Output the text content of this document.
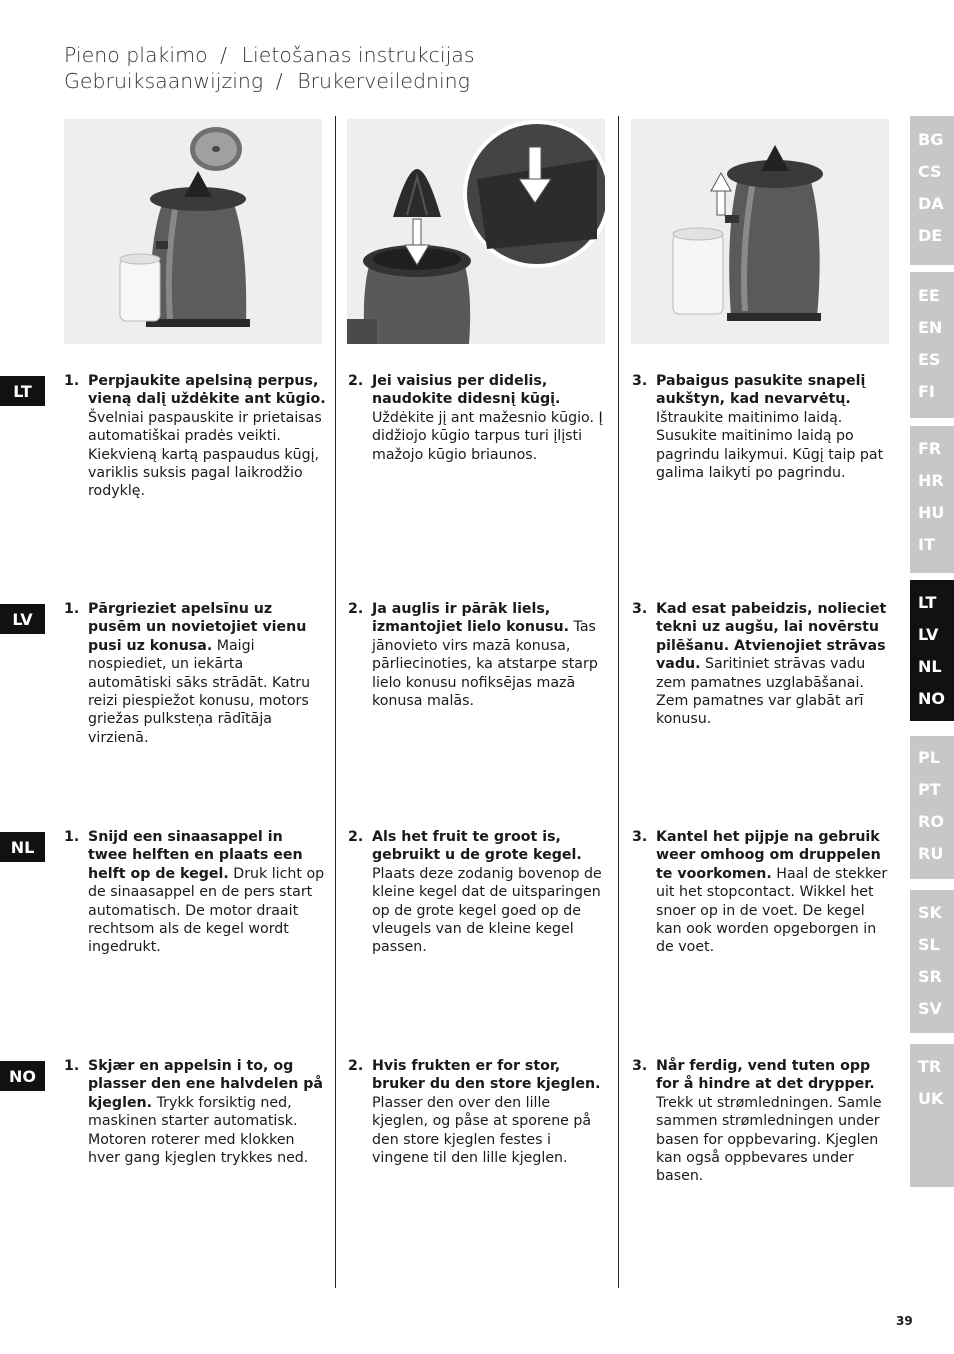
Pieno plakimo / Lietošanas instrukcijas
Gebruiksaanwijzing / Brukerveiledning
LT
1. Perpjaukite apelsiną perpus, vieną dalį uždėkite ant kūgio. Švelniai paspauskite ir prietaisas automatiškai pradės veikti. Kiekvieną kartą paspaudus kūgį, variklis suksis pagal laikrodžio rodyklę.
2. Jei vaisius per didelis, naudokite didesnį kūgį. Uždėkite jį ant mažesnio kūgio. Į didžiojo kūgio tarpus turi įlįsti mažojo kūgio briaunos.
3. Pabaigus pasukite snapelį aukštyn, kad nevarvėtų. Ištraukite maitinimo laidą. Susukite maitinimo laidą po pagrindu laikymui. Kūgį taip pat galima laikyti po pagrindu.
LV
1. Pārgrieziet apelsīnu uz pusēm un novietojiet vienu pusi uz konusa. Maigi nospiediet, un iekārta automātiski sāks strādāt. Katru reizi piespiežot konusu, motors griežas pulksteņa rādītāja virzienā.
2. Ja auglis ir pārāk liels, izmantojiet lielo konusu. Tas jānovieto virs mazā konusa, pārliecinoties, ka atstarpe starp lielo konusu nofiksējas mazā konusa malās.
3. Kad esat pabeidzis, nolieciet tekni uz augšu, lai novērstu pilēšanu. Atvienojiet strāvas vadu. Saritiniet strāvas vadu zem pamatnes uzglabāšanai. Zem pamatnes var glabāt arī konusu.
NL
1. Snijd een sinaasappel in twee helften en plaats een helft op de kegel. Druk licht op de sinaasappel en de pers start automatisch. De motor draait rechtsom als de kegel wordt ingedrukt.
2. Als het fruit te groot is, gebruikt u de grote kegel. Plaats deze zodanig bovenop de kleine kegel dat de uitsparingen op de grote kegel goed op de vleugels van de kleine kegel passen.
3. Kantel het pijpje na gebruik weer omhoog om druppelen te voorkomen. Haal de stekker uit het stopcontact. Wikkel het snoer op in de voet. De kegel kan ook worden opgeborgen in de voet.
NO
1. Skjær en appelsin i to, og plasser den ene halvdelen på kjeglen. Trykk forsiktig ned, maskinen starter automatisk. Motoren roterer med klokken hver gang kjeglen trykkes ned.
2. Hvis frukten er for stor, bruker du den store kjeglen. Plasser den over den lille kjeglen, og påse at sporene på den store kjeglen festes i vingene til den lille kjeglen.
3. Når ferdig, vend tuten opp for å hindre at det drypper. Trekk ut strømledningen. Samle sammen strømledningen under basen for oppbevaring. Kjeglen kan også oppbevares under basen.
BG
CS
DA
DE
EE
EN
ES
FI
FR
HR
HU
IT
LT
LV
NL
NO
PL
PT
RO
RU
SK
SL
SR
SV
TR
UK
39
